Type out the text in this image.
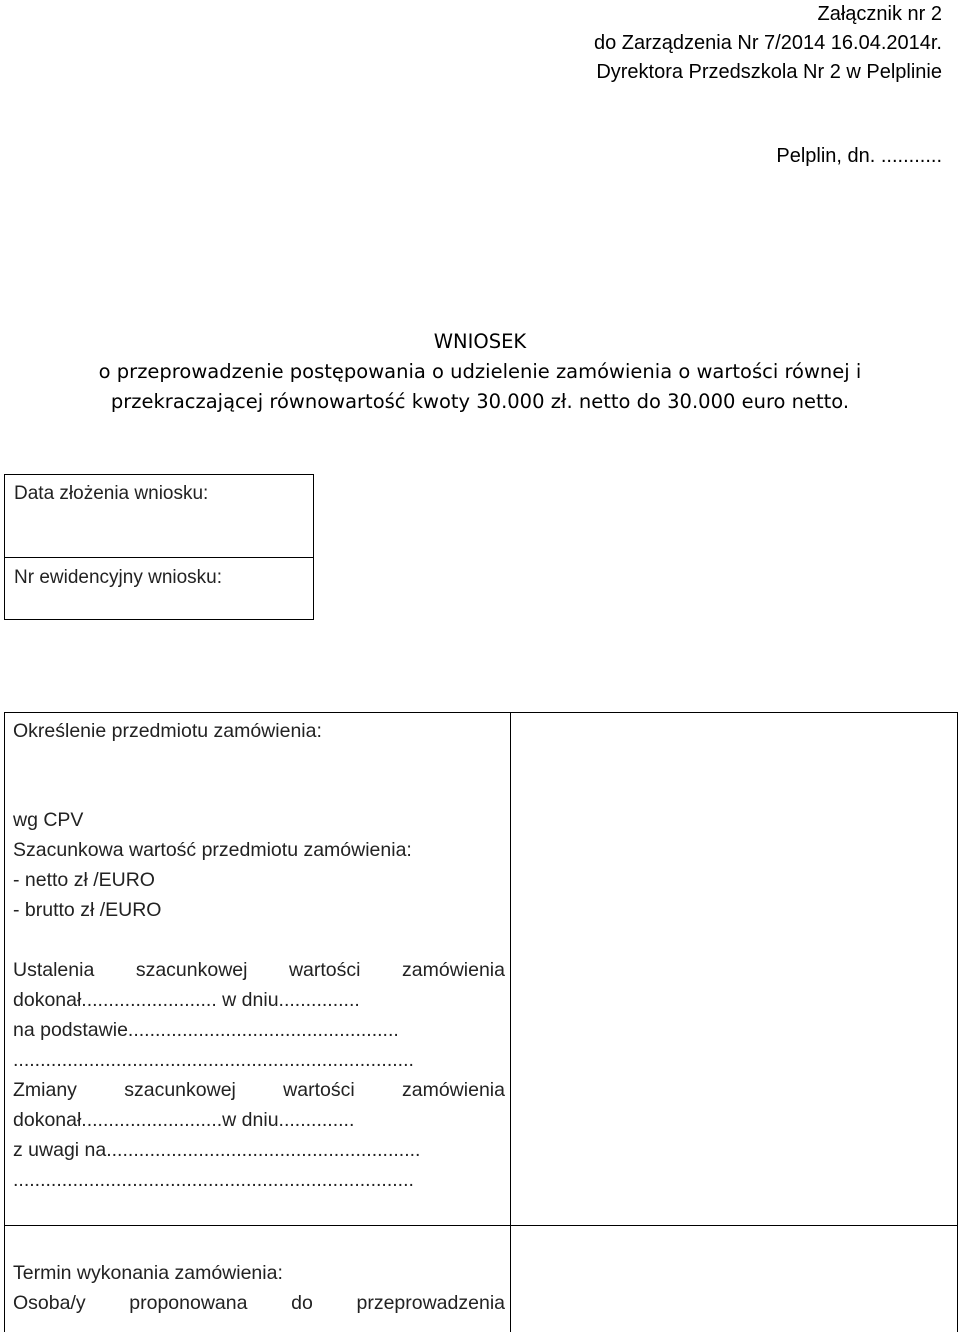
Załącznik nr 2
do Zarządzenia Nr 7/2014 16.04.2014r.
Dyrektora Przedszkola Nr 2 w Pelplinie
Pelplin, dn. ...........
WNIOSEK
o przeprowadzenie postępowania o udzielenie zamówienia o wartości równej i
przekraczającej równowartość kwoty 30.000 zł. netto do 30.000 euro netto.
Data złożenia wniosku:
Nr ewidencyjny wniosku:
Określenie przedmiotu zamówienia:
wg CPV
Szacunkowa wartość przedmiotu zamówienia:
- netto zł /EURO
- brutto zł /EURO
Ustalenia szacunkowej wartości zamówienia
dokonał......................... w dniu...............
na podstawie..................................................
..........................................................................
Zmiany szacunkowej wartości zamówienia
dokonał..........................w dniu..............
z uwagi na..........................................................
..........................................................................
Termin wykonania zamówienia:
Osoba/y proponowana do przeprowadzenia
